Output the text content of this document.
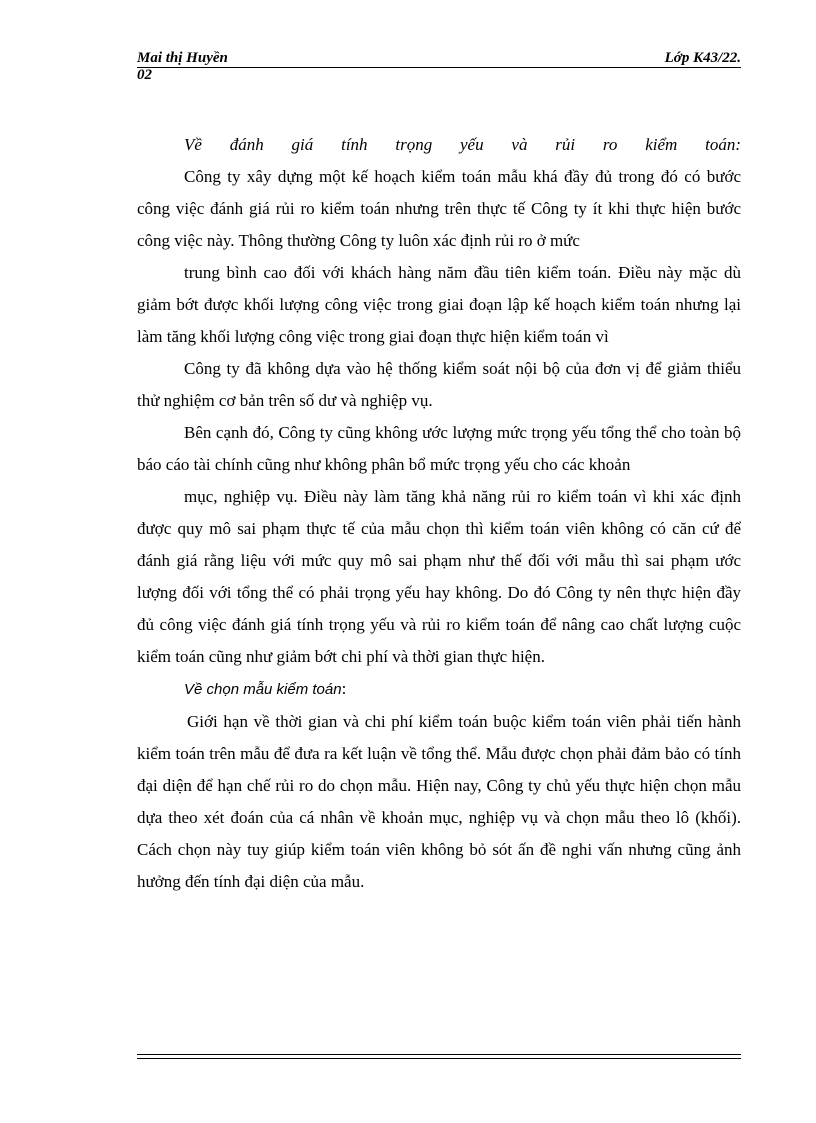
Mai thị Huyền	Lớp K43/22.
02

Về đánh giá tính trọng yếu và rủi ro kiểm toán:

Công ty xây dựng một kế hoạch kiểm toán mẫu khá đầy đủ trong đó có bước công việc đánh giá rủi ro kiểm toán nhưng trên thực tế Công ty ít khi thực hiện bước công việc này. Thông thường Công ty luôn xác định rủi ro ở mức

trung bình cao đối với khách hàng năm đầu tiên kiểm toán. Điều này mặc dù giảm bớt được khối lượng công việc trong giai đoạn lập kế hoạch kiểm toán nhưng lại làm tăng khối lượng công việc trong giai đoạn thực hiện kiểm toán vì

Công ty đã không dựa vào hệ thống kiểm soát nội bộ của đơn vị để giảm thiểu thử nghiệm cơ bản trên số dư và nghiệp vụ.

Bên cạnh đó, Công ty cũng không ước lượng mức trọng yếu tổng thể cho toàn bộ báo cáo tài chính cũng như không phân bổ mức trọng yếu cho các khoản

mục, nghiệp vụ. Điều này làm tăng khả năng rủi ro kiểm toán vì khi xác định được quy mô sai phạm thực tế của mẫu chọn thì kiểm toán viên không có căn cứ để đánh giá rằng liệu với mức quy mô sai phạm như thế đối với mẫu thì sai phạm ước lượng đối với tổng thể có phải trọng yếu hay không. Do đó Công ty nên thực hiện đầy đủ công việc đánh giá tính trọng yếu và rủi ro kiểm toán để nâng cao chất lượng cuộc kiểm toán cũng như giảm bớt chi phí và thời gian thực hiện.

Về chọn mẫu kiểm toán:

Giới hạn về thời gian và chi phí kiểm toán buộc kiểm toán viên phải tiến hành kiểm toán trên mẫu để đưa ra kết luận về tổng thể. Mẫu được chọn phải đảm bảo có tính đại diện để hạn chế rủi ro do chọn mẫu. Hiện nay, Công ty chủ yếu thực hiện chọn mẫu dựa theo xét đoán của cá nhân về khoản mục, nghiệp vụ và chọn mẫu theo lô (khối). Cách chọn này tuy giúp kiểm toán viên không bỏ sót ấn đề nghi vấn nhưng cũng ảnh hưởng đến tính đại diện của mẫu.
